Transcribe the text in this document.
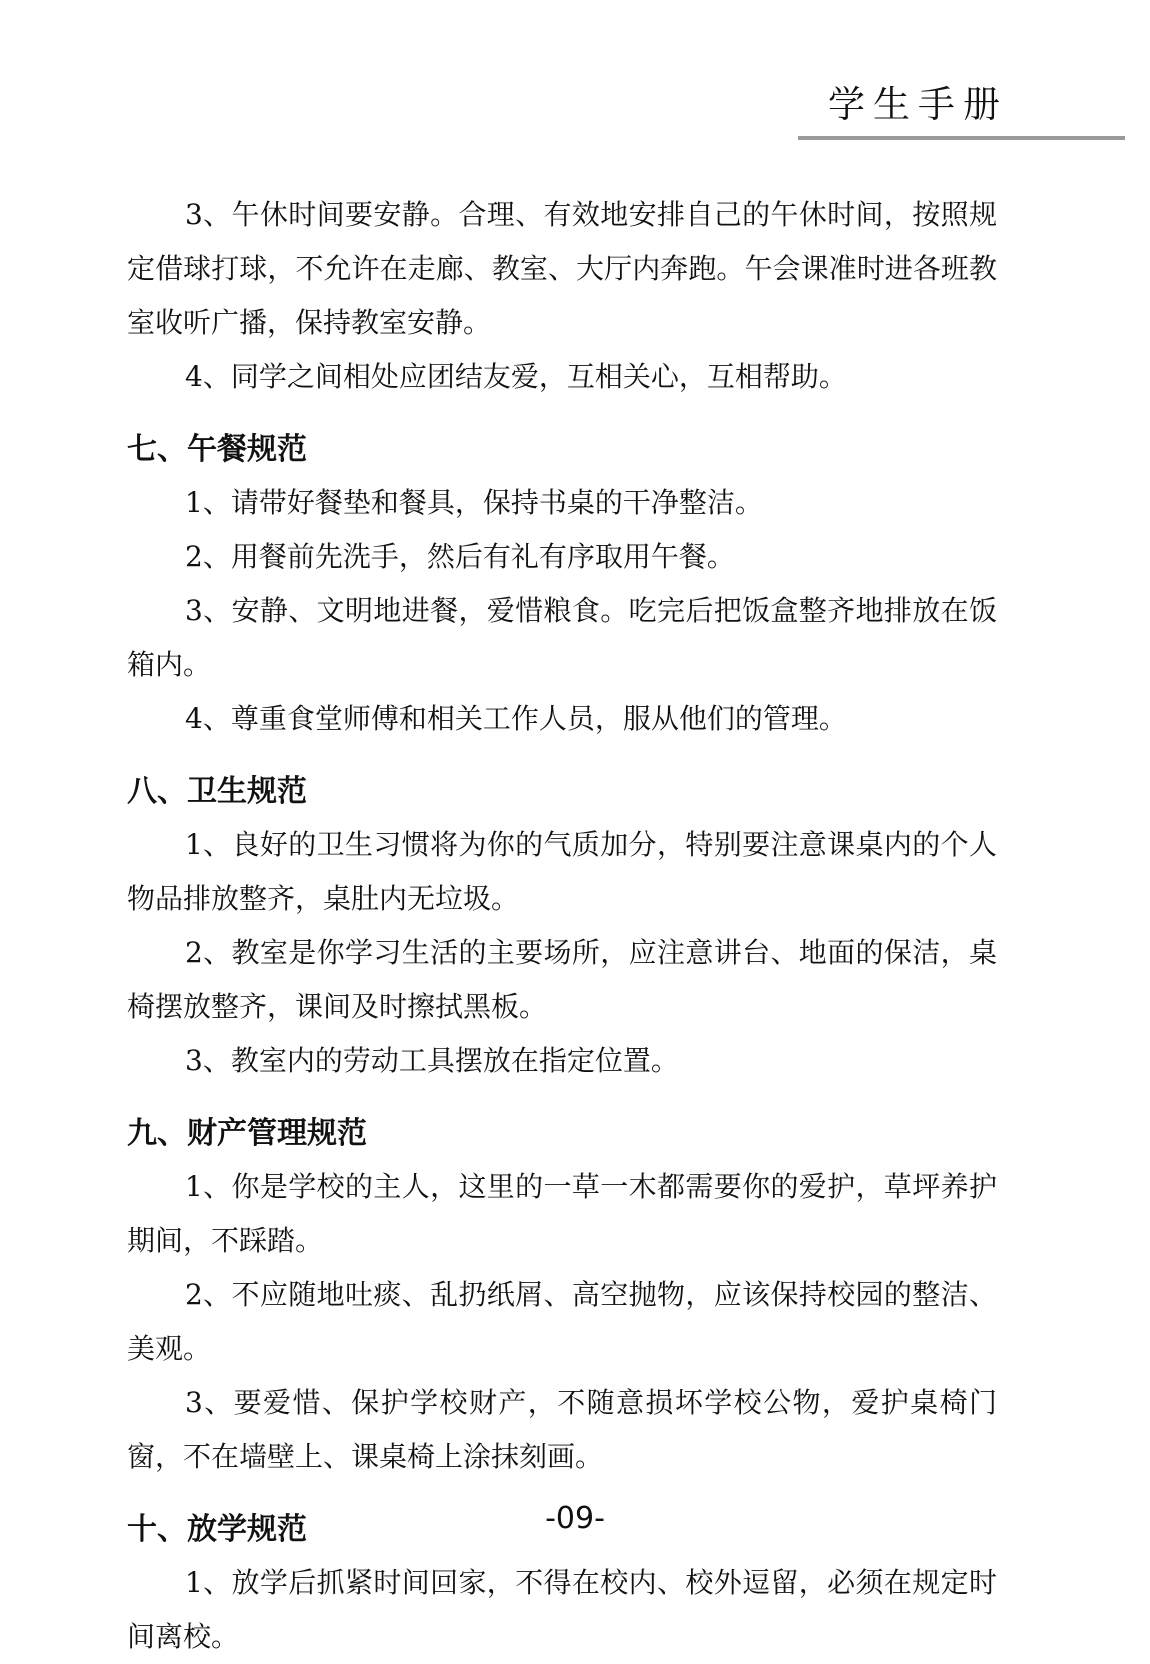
学生手册

3、午休时间要安静。合理、有效地安排自己的午休时间，按照规定借球打球，不允许在走廊、教室、大厅内奔跑。午会课准时进各班教室收听广播，保持教室安静。

4、同学之间相处应团结友爱，互相关心，互相帮助。

七、午餐规范

1、请带好餐垫和餐具，保持书桌的干净整洁。

2、用餐前先洗手，然后有礼有序取用午餐。

3、安静、文明地进餐，爱惜粮食。吃完后把饭盒整齐地排放在饭箱内。

4、尊重食堂师傅和相关工作人员，服从他们的管理。

八、卫生规范

1、良好的卫生习惯将为你的气质加分，特别要注意课桌内的个人物品排放整齐，桌肚内无垃圾。

2、教室是你学习生活的主要场所，应注意讲台、地面的保洁，桌椅摆放整齐，课间及时擦拭黑板。

3、教室内的劳动工具摆放在指定位置。

九、财产管理规范

1、你是学校的主人，这里的一草一木都需要你的爱护，草坪养护期间，不踩踏。

2、不应随地吐痰、乱扔纸屑、高空抛物，应该保持校园的整洁、美观。

3、要爱惜、保护学校财产，不随意损坏学校公物，爱护桌椅门窗，不在墙壁上、课桌椅上涂抹刻画。

十、放学规范

1、放学后抓紧时间回家，不得在校内、校外逗留，必须在规定时间离校。

-09-
